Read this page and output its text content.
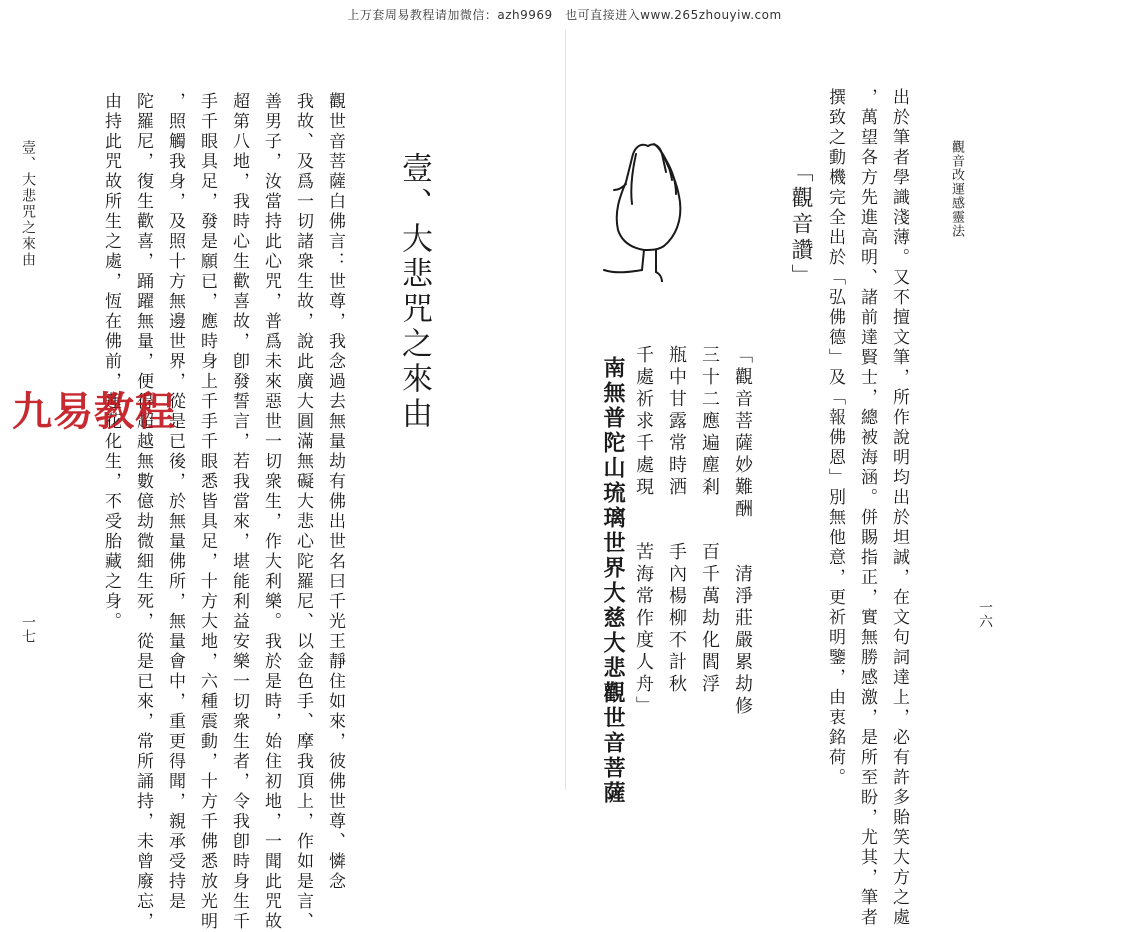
上万套周易教程请加微信：azh9969　也可直接进入www.265zhouyiw.com
壹、大悲咒之來由
一七
壹、大悲咒之來由
觀世音菩薩白佛言：世尊，我念過去無量劫有佛出世名曰千光王靜住如來，彼佛世尊、憐念
我故、及爲一切諸衆生故，說此廣大圓滿無礙大悲心陀羅尼、以金色手、摩我頂上，作如是言、
善男子，汝當持此心咒，普爲未來惡世一切衆生，作大利樂。我於是時，始住初地，一聞此咒故
超第八地，我時心生歡喜故，卽發誓言，若我當來，堪能利益安樂一切衆生者，令我卽時身生千
手千眼具足，發是願已，應時身上千手千眼悉皆具足，十方大地，六種震動，十方千佛悉放光明
，照觸我身，及照十方無邊世界，從是已後，於無量佛所，無量會中，重更得聞，親承受持是
陀羅尼，復生歡喜，踊躍無量，便得超越無數億劫微細生死，從是已來，常所誦持，未曾廢忘，
由持此咒故所生之處，恆在佛前，蓮花化生，不受胎藏之身。
九易教程
觀音改運感靈法
一六
出於筆者學識淺薄。又不擅文筆，所作說明均出於坦誠，在文句詞達上，必有許多貽笑大方之處
，萬望各方先進高明、諸前達賢士，總被海涵。併賜指正，實無勝感激，是所至盼，尤其，筆者
撰致之動機完全出於「弘佛德」及「報佛恩」別無他意，更祈明鑒，由衷銘荷。
「觀音讚」
「觀音菩薩妙難酬清淨莊嚴累劫修
三十二應遍塵剎百千萬劫化閻浮
瓶中甘露常時洒手內楊柳不計秋
千處祈求千處現苦海常作度人舟」
南無普陀山琉璃世界大慈大悲觀世音菩薩
